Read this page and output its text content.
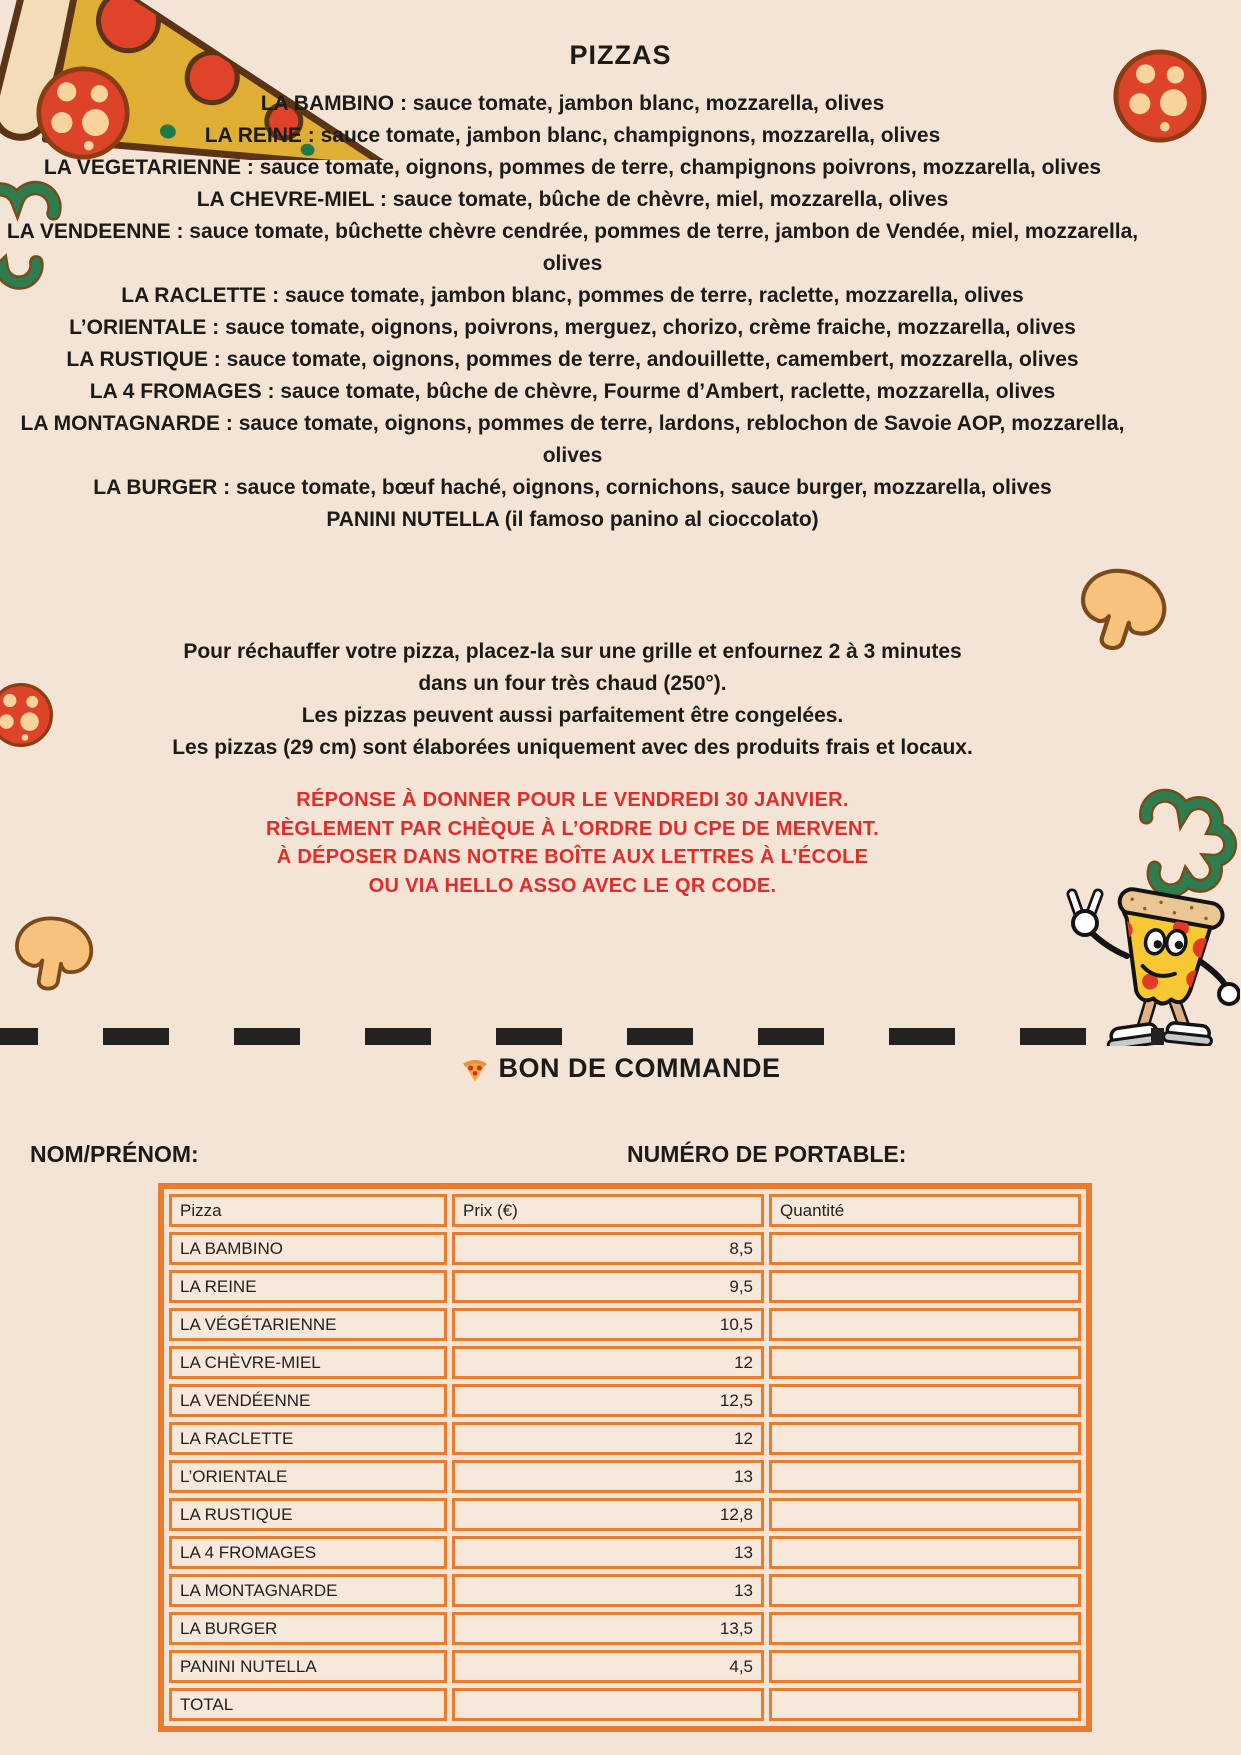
PIZZAS

LA BAMBINO : sauce tomate, jambon blanc, mozzarella, olives

LA REINE : sauce tomate, jambon blanc, champignons, mozzarella, olives

LA VEGETARIENNE : sauce tomate, oignons, pommes de terre, champignons poivrons, mozzarella, olives

LA CHEVRE-MIEL : sauce tomate, bûche de chèvre, miel, mozzarella, olives

LA VENDEENNE : sauce tomate, bûchette chèvre cendrée, pommes de terre, jambon de Vendée, miel, mozzarella, olives

LA RACLETTE : sauce tomate, jambon blanc, pommes de terre, raclette, mozzarella, olives

L’ORIENTALE : sauce tomate, oignons, poivrons, merguez, chorizo, crème fraiche, mozzarella, olives

LA RUSTIQUE : sauce tomate, oignons, pommes de terre, andouillette, camembert, mozzarella, olives

LA 4 FROMAGES : sauce tomate, bûche de chèvre, Fourme d’Ambert, raclette, mozzarella, olives

LA MONTAGNARDE : sauce tomate, oignons, pommes de terre, lardons, reblochon de Savoie AOP, mozzarella, olives

LA BURGER : sauce tomate, bœuf haché, oignons, cornichons, sauce burger, mozzarella, olives

PANINI NUTELLA (il famoso panino al cioccolato)

Pour réchauffer votre pizza, placez-la sur une grille et enfournez 2 à 3 minutes

dans un four très chaud (250°).

Les pizzas peuvent aussi parfaitement être congelées.

Les pizzas (29 cm) sont élaborées uniquement avec des produits frais et locaux.

RÉPONSE À DONNER POUR LE VENDREDI 30 JANVIER.

RÈGLEMENT PAR CHÈQUE À L’ORDRE DU CPE DE MERVENT.

À DÉPOSER DANS NOTRE BOÎTE AUX LETTRES À L’ÉCOLE

OU VIA HELLO ASSO AVEC LE QR CODE.

BON DE COMMANDE
NOM/PRÉNOM:	NUMÉRO DE PORTABLE:
Pizza	Prix (€)	Quantité
LA BAMBINO	8,5	
LA REINE	9,5	
LA VÉGÉTARIENNE	10,5	
LA CHÈVRE-MIEL	12	
LA VENDÉENNE	12,5	
LA RACLETTE	12	
L’ORIENTALE	13	
LA RUSTIQUE	12,8	
LA 4 FROMAGES	13	
LA MONTAGNARDE	13	
LA BURGER	13,5	
PANINI NUTELLA	4,5	
TOTAL		
